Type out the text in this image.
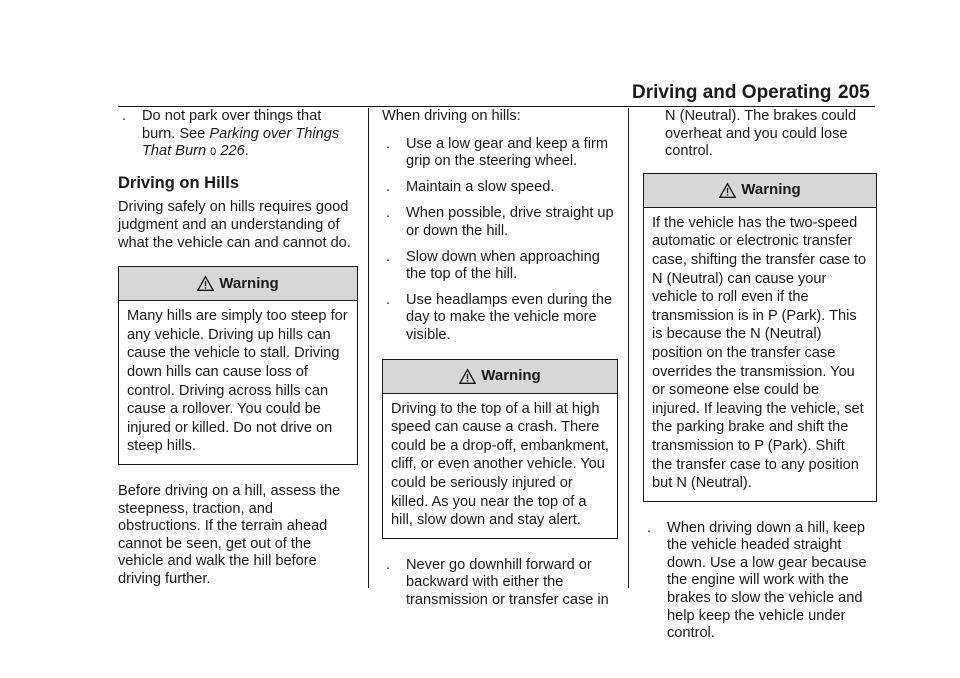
Driving and Operating 205
. Do not park over things that burn. See Parking over Things That Burn 0 226.
Driving on Hills

Driving safely on hills requires good judgment and an understanding of what the vehicle can and cannot do.

Warning
Many hills are simply too steep for any vehicle. Driving up hills can cause the vehicle to stall. Driving down hills can cause loss of control. Driving across hills can cause a rollover. You could be injured or killed. Do not drive on steep hills.

Before driving on a hill, assess the steepness, traction, and obstructions. If the terrain ahead cannot be seen, get out of the vehicle and walk the hill before driving further.

When driving on hills:

. Use a low gear and keep a firm grip on the steering wheel.
. Maintain a slow speed.
. When possible, drive straight up or down the hill.
. Slow down when approaching the top of the hill.
. Use headlamps even during the day to make the vehicle more visible.
Warning
Driving to the top of a hill at high speed can cause a crash. There could be a drop-off, embankment, cliff, or even another vehicle. You could be seriously injured or killed. As you near the top of a hill, slow down and stay alert.
. Never go downhill forward or backward with either the transmission or transfer case in

N (Neutral). The brakes could overheat and you could lose control.

Warning
If the vehicle has the two-speed automatic or electronic transfer case, shifting the transfer case to N (Neutral) can cause your vehicle to roll even if the transmission is in P (Park). This is because the N (Neutral) position on the transfer case overrides the transmission. You or someone else could be injured. If leaving the vehicle, set the parking brake and shift the transmission to P (Park). Shift the transfer case to any position but N (Neutral).
. When driving down a hill, keep the vehicle headed straight down. Use a low gear because the engine will work with the brakes to slow the vehicle and help keep the vehicle under control.
